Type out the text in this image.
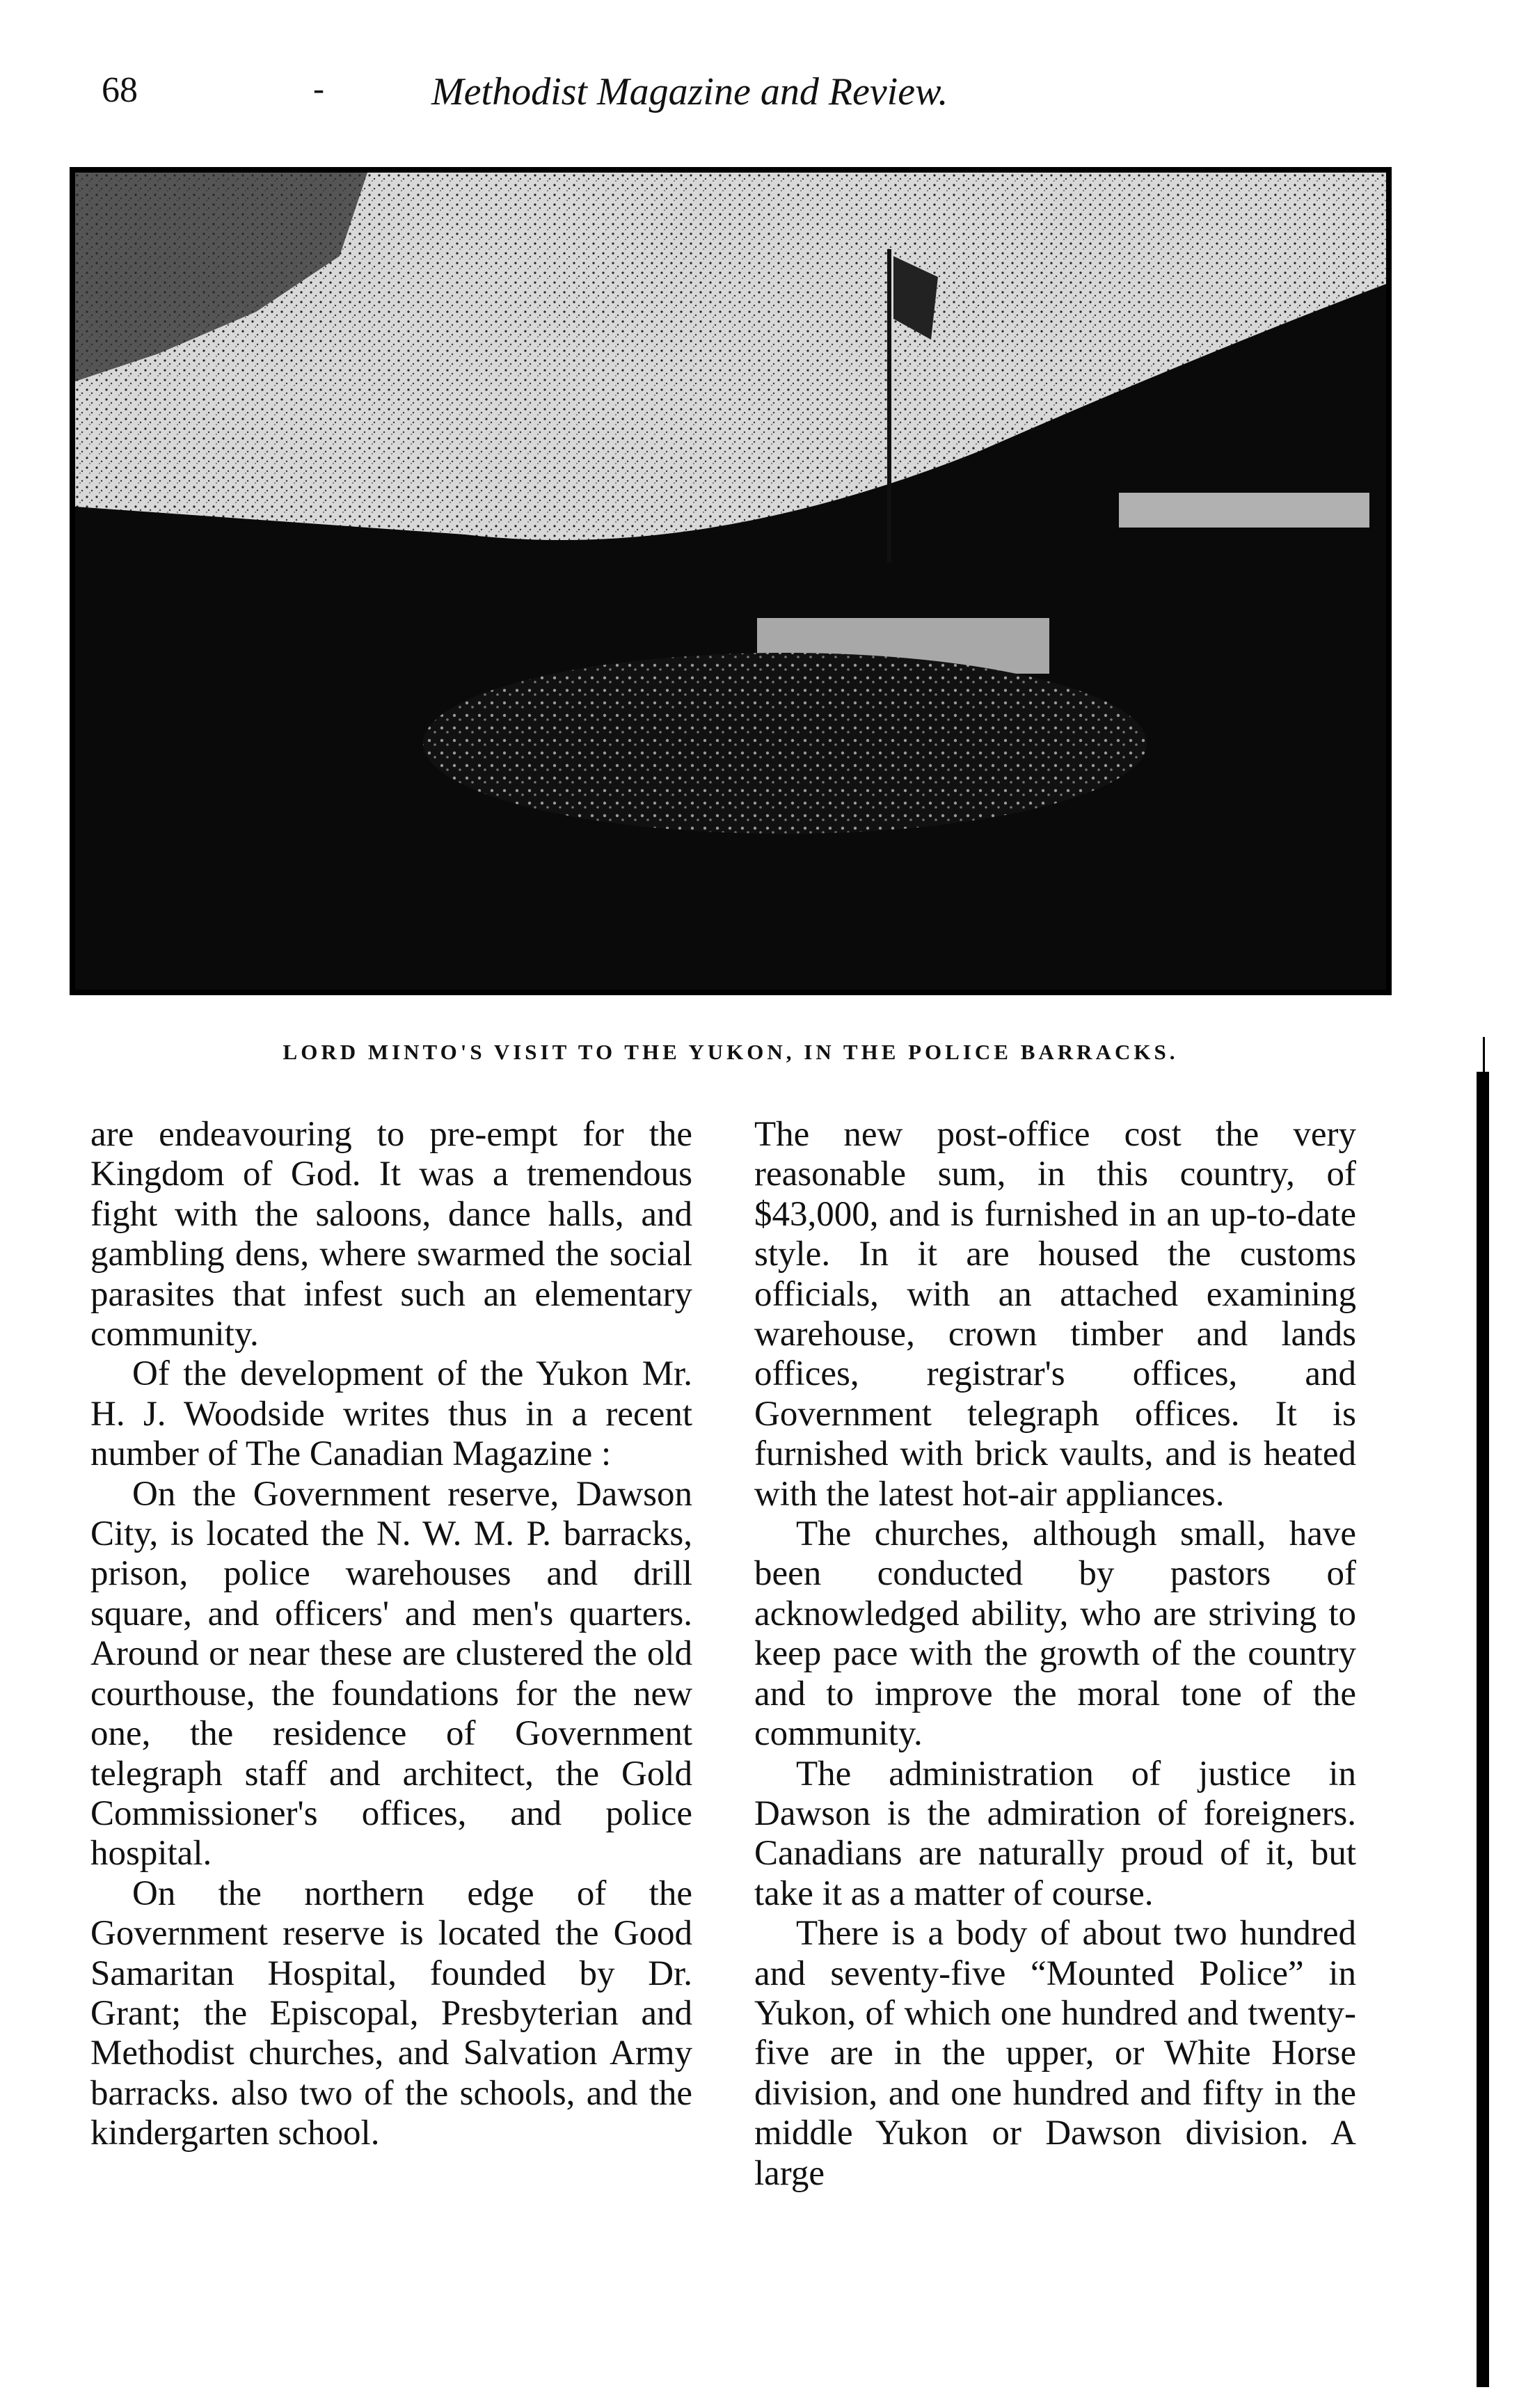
68	-	Methodist Magazine and Review.
LORD MINTO'S VISIT TO THE YUKON, IN THE POLICE BARRACKS.

are endeavouring to pre-empt for the Kingdom of God. It was a tremendous fight with the saloons, dance halls, and gambling dens, where swarmed the social parasites that infest such an elementary community.

Of the development of the Yukon Mr. H. J. Woodside writes thus in a recent number of The Canadian Magazine :

On the Government reserve, Dawson City, is located the N. W. M. P. barracks, prison, police warehouses and drill square, and officers' and men's quarters. Around or near these are clustered the old courthouse, the foundations for the new one, the residence of Government telegraph staff and architect, the Gold Commissioner's offices, and police hospital.

On the northern edge of the Government reserve is located the Good Samaritan Hospital, founded by Dr. Grant; the Episcopal, Presbyterian and Methodist churches, and Salvation Army barracks. also two of the schools, and the kindergarten school.

The new post-office cost the very reasonable sum, in this country, of $43,000, and is furnished in an up-to-date style. In it are housed the customs officials, with an attached examining warehouse, crown timber and lands offices, registrar's offices, and Government telegraph offices. It is furnished with brick vaults, and is heated with the latest hot-air appliances.

The churches, although small, have been conducted by pastors of acknowledged ability, who are striving to keep pace with the growth of the country and to improve the moral tone of the community.

The administration of justice in Dawson is the admiration of foreigners. Canadians are naturally proud of it, but take it as a matter of course.

There is a body of about two hundred and seventy-five “Mounted Police” in Yukon, of which one hundred and twenty-five are in the upper, or White Horse division, and one hundred and fifty in the middle Yukon or Dawson division. A large
